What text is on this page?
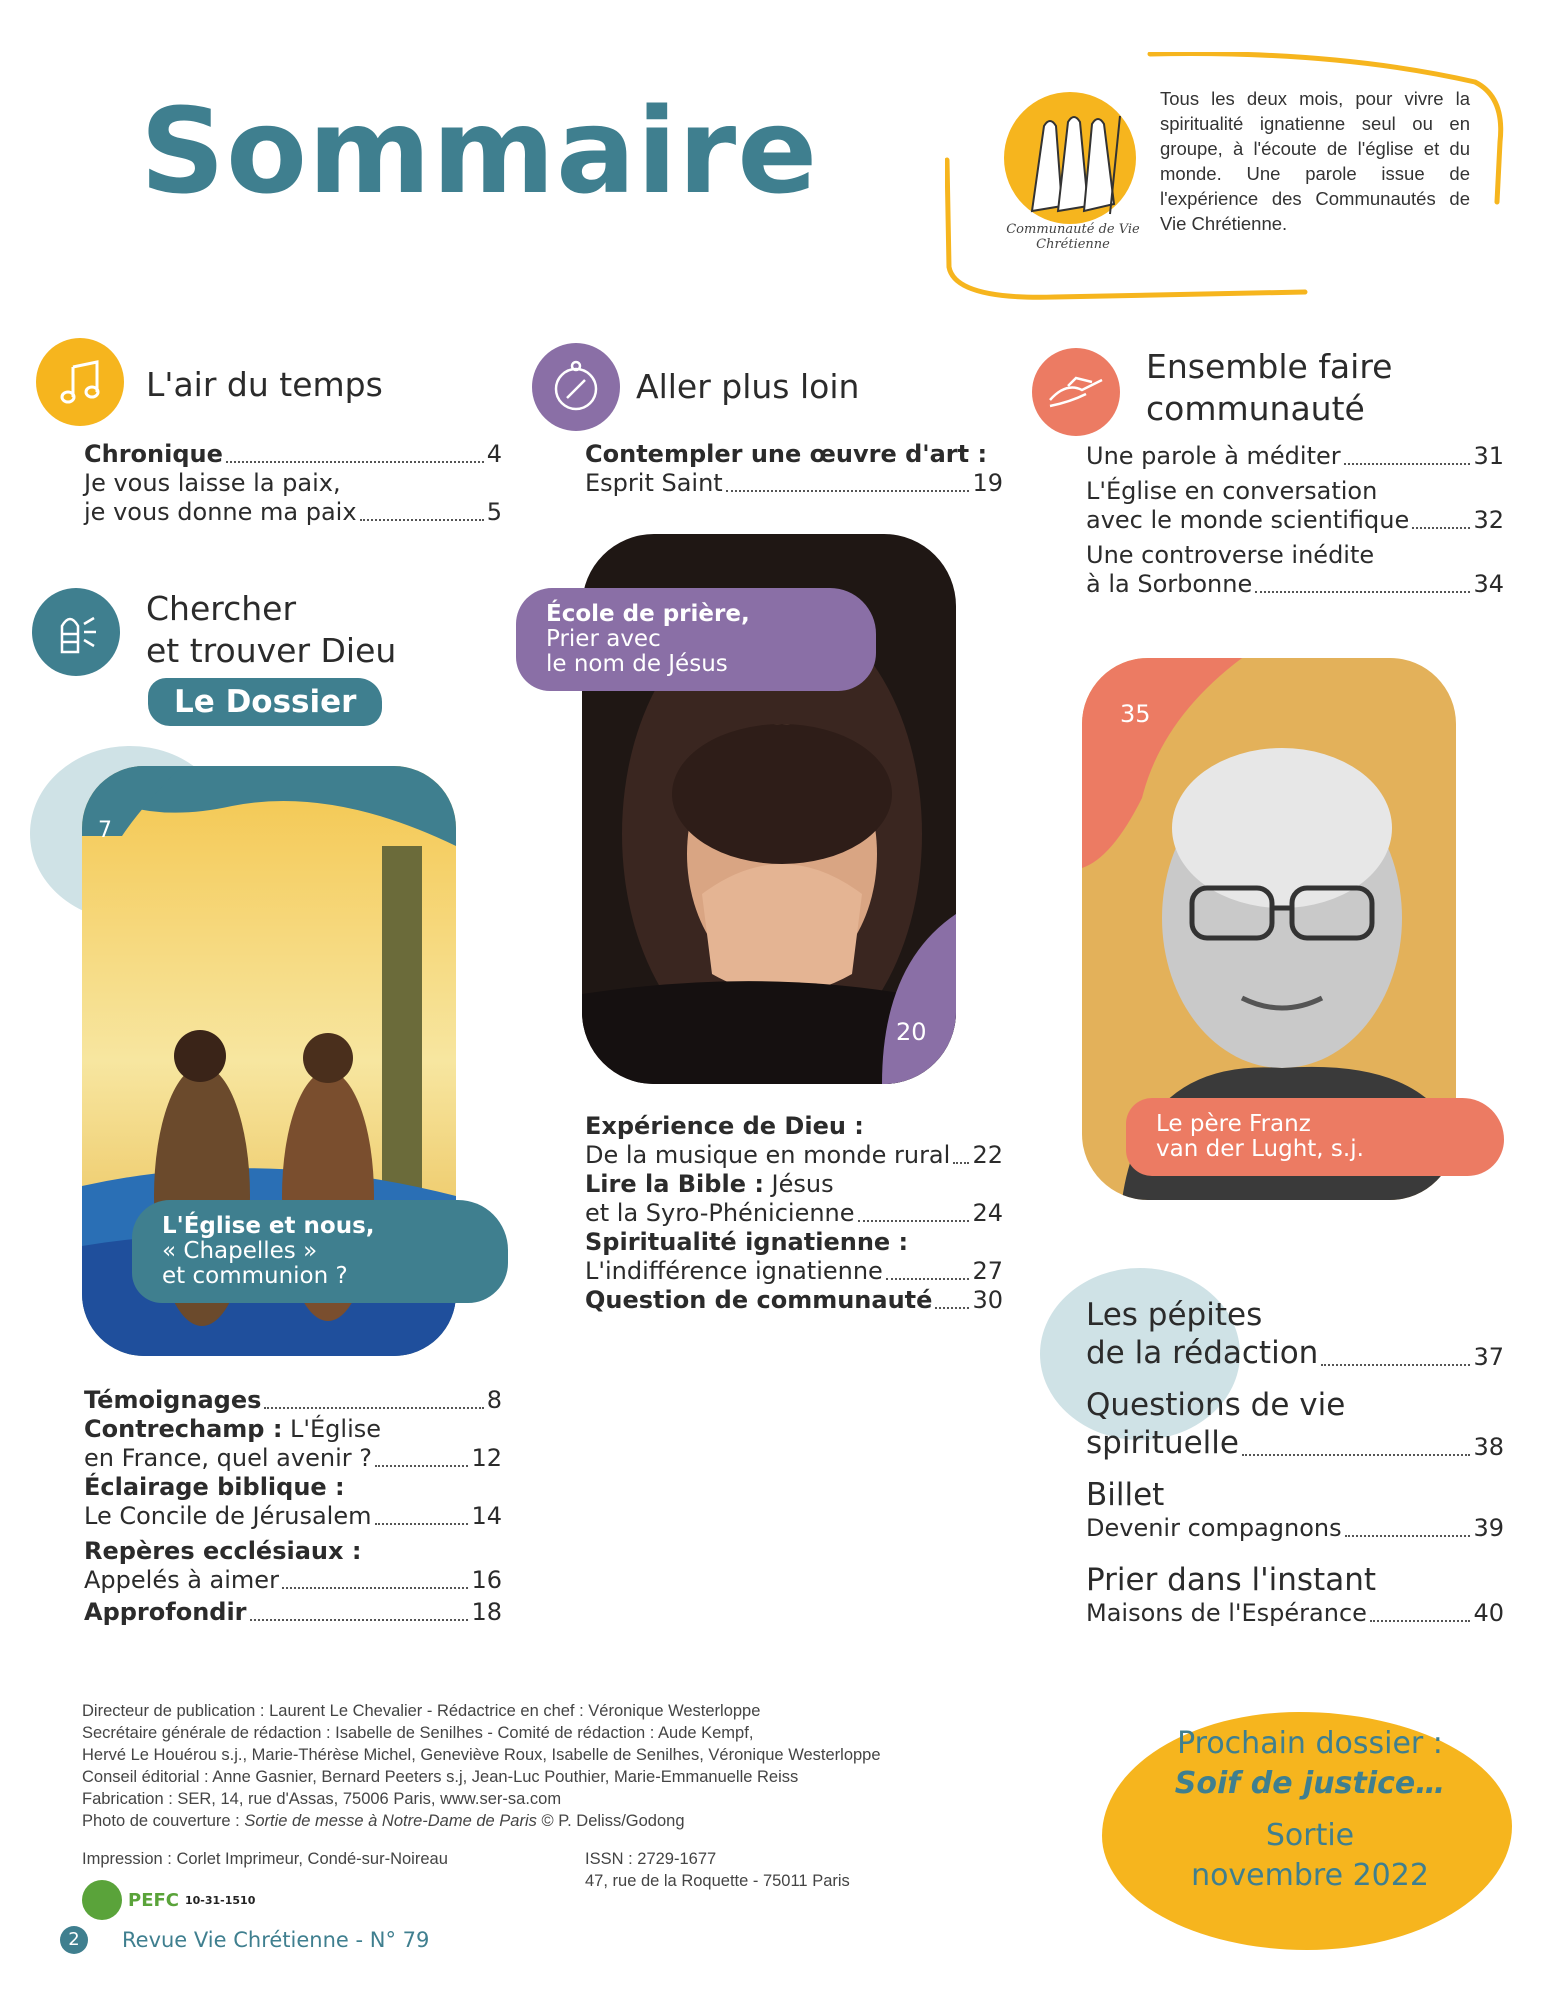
Sommaire
Communauté de Vie Chrétienne
Tous les deux mois, pour vivre la spiritualité ignatienne seul ou en groupe, à l'écoute de l'église et du monde. Une parole issue de l'expérience des Communautés de Vie Chrétienne.
L'air du temps
Chronique	4
Je vous laisse la paix,
je vous donne ma paix	5
Chercher
et trouver Dieu
Le Dossier
7
L'Église et nous,
« Chapelles »
et communion ?
Témoignages	8
Contrechamp : L'Église
en France, quel avenir ?	12
Éclairage biblique :
Le Concile de Jérusalem	14
Repères ecclésiaux :
Appelés à aimer	16
Approfondir	18
Aller plus loin
Contempler une œuvre d'art :
Esprit Saint	19
20
École de prière,
Prier avec
le nom de Jésus
Expérience de Dieu :
De la musique en monde rural 22
Lire la Bible : Jésus
et la Syro-Phénicienne	24
Spiritualité ignatienne :
L'indifférence ignatienne	27
Question de communauté 30
Ensemble faire
communauté
Une parole à méditer	31
L'Église en conversation
avec le monde scientifique	32
Une controverse inédite
à la Sorbonne	34
35
Le père Franz
van der Lught, s.j.
Les pépites
de la rédaction	37
Questions de vie
spirituelle	38
Billet
Devenir compagnons	39
Prier dans l'instant
Maisons de l'Espérance	40
Directeur de publication : Laurent Le Chevalier - Rédactrice en chef : Véronique Westerloppe
Secrétaire générale de rédaction : Isabelle de Senilhes - Comité de rédaction : Aude Kempf,
Hervé Le Houérou s.j., Marie-Thérèse Michel, Geneviève Roux, Isabelle de Senilhes, Véronique Westerloppe
Conseil éditorial : Anne Gasnier, Bernard Peeters s.j, Jean-Luc Pouthier, Marie-Emmanuelle Reiss
Fabrication : SER, 14, rue d'Assas, 75006 Paris, www.ser-sa.com
Photo de couverture : Sortie de messe à Notre-Dame de Paris © P. Deliss/Godong
Impression : Corlet Imprimeur, Condé-sur-Noireau	ISSN : 2729-1677
47, rue de la Roquette - 75011 Paris
PEFC 10-31-1510
Prochain dossier :
Soif de justice…
Sortie
novembre 2022
2	Revue Vie Chrétienne - N° 79
